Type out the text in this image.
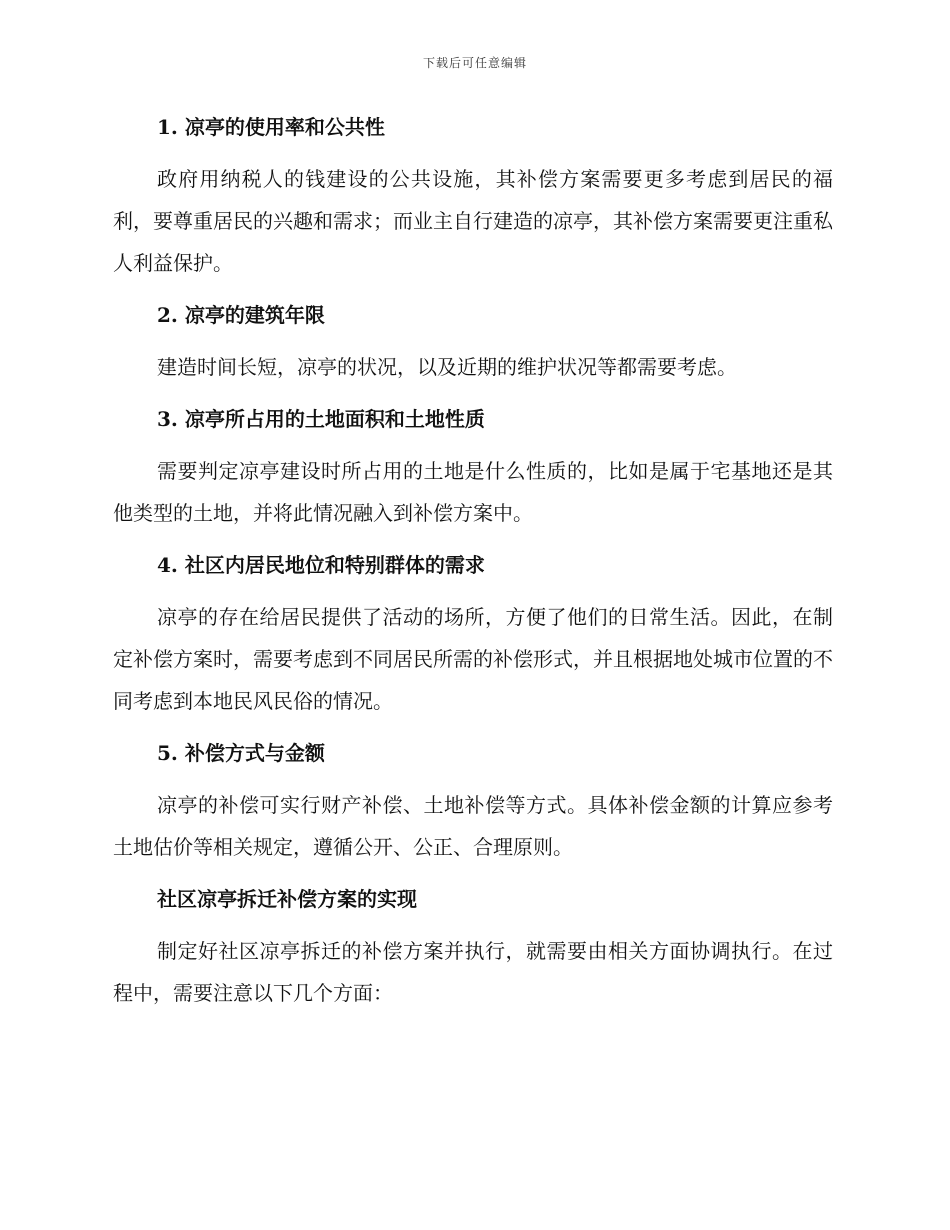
下载后可任意编辑
1. 凉亭的使用率和公共性

政府用纳税人的钱建设的公共设施，其补偿方案需要更多考虑到居民的福利，要尊重居民的兴趣和需求；而业主自行建造的凉亭，其补偿方案需要更注重私人利益保护。

2. 凉亭的建筑年限

建造时间长短，凉亭的状况，以及近期的维护状况等都需要考虑。

3. 凉亭所占用的土地面积和土地性质

需要判定凉亭建设时所占用的土地是什么性质的，比如是属于宅基地还是其他类型的土地，并将此情况融入到补偿方案中。

4. 社区内居民地位和特别群体的需求

凉亭的存在给居民提供了活动的场所，方便了他们的日常生活。因此，在制定补偿方案时，需要考虑到不同居民所需的补偿形式，并且根据地处城市位置的不同考虑到本地民风民俗的情况。

5. 补偿方式与金额

凉亭的补偿可实行财产补偿、土地补偿等方式。具体补偿金额的计算应参考土地估价等相关规定，遵循公开、公正、合理原则。

社区凉亭拆迁补偿方案的实现

制定好社区凉亭拆迁的补偿方案并执行，就需要由相关方面协调执行。在过程中，需要注意以下几个方面：
